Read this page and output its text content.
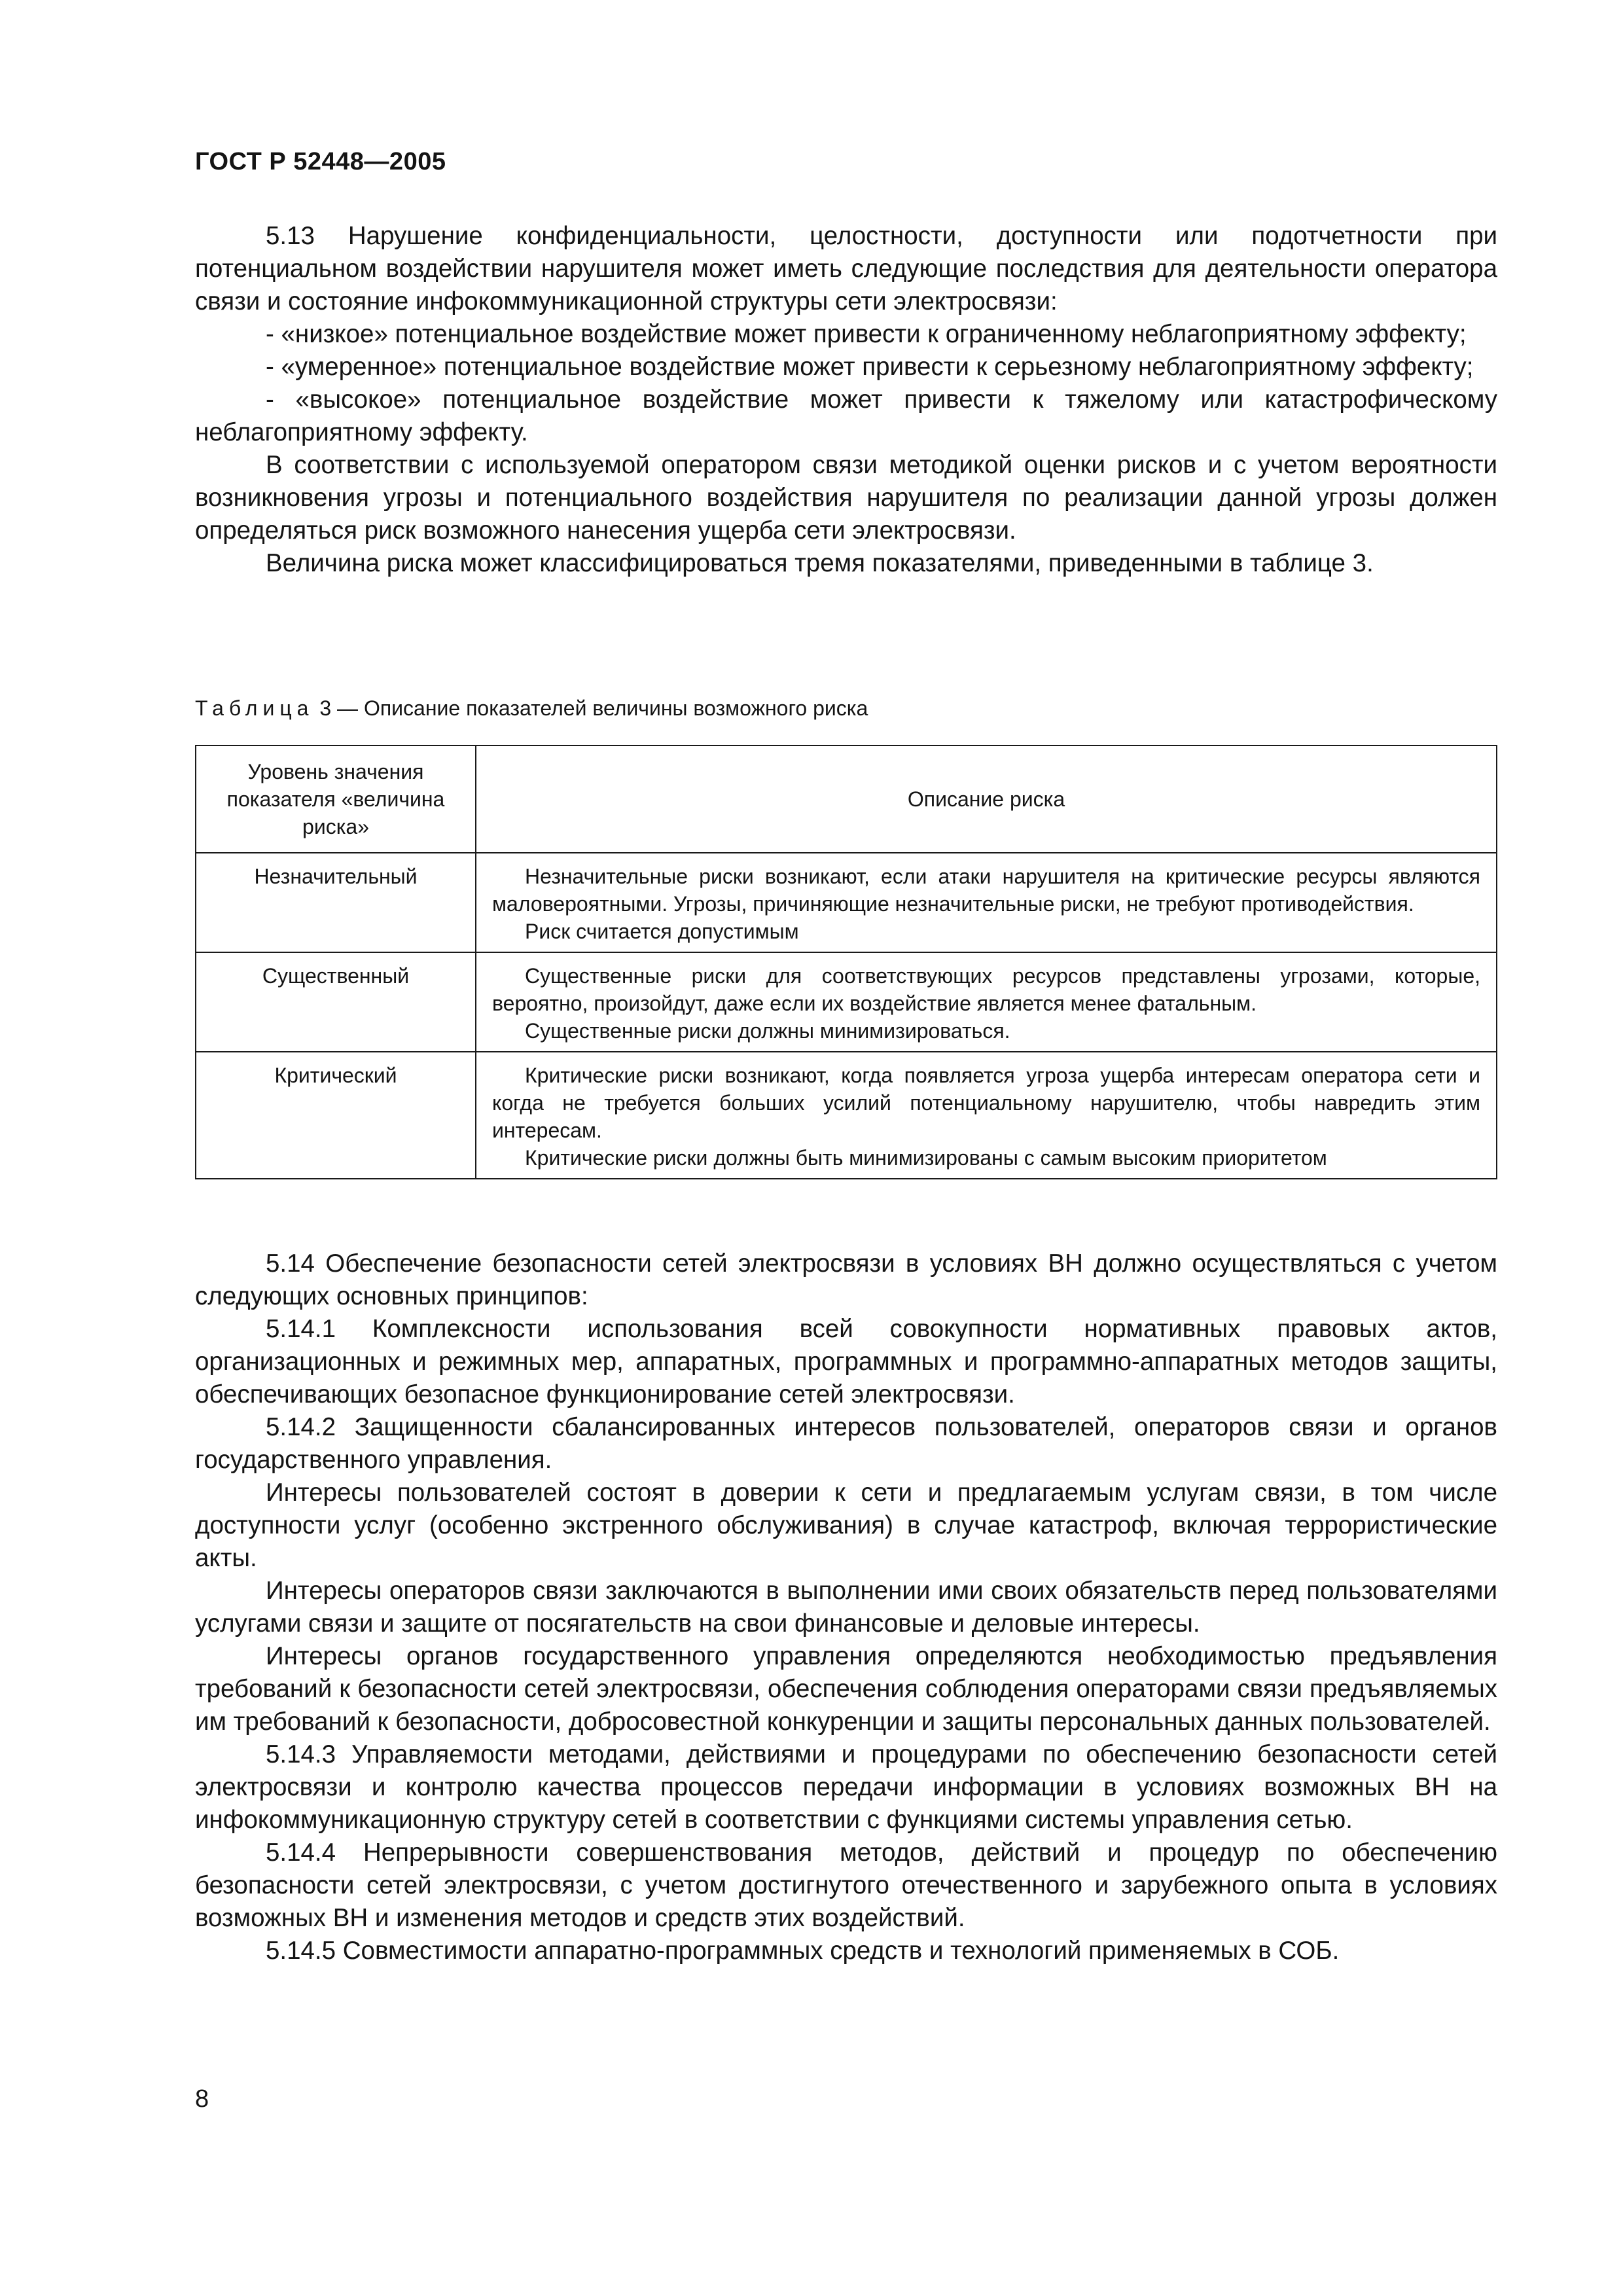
ГОСТ Р 52448—2005

5.13 Нарушение конфиденциальности, целостности, доступности или подотчетности при потенциальном воздействии нарушителя может иметь следующие последствия для деятельности оператора связи и состояние инфокоммуникационной структуры сети электросвязи:

- «низкое» потенциальное воздействие может привести к ограниченному неблагоприятному эффекту;

- «умеренное» потенциальное воздействие может привести к серьезному неблагоприятному эффекту;

- «высокое» потенциальное воздействие может привести к тяжелому или катастрофическому неблагоприятному эффекту.

В соответствии с используемой оператором связи методикой оценки рисков и с учетом вероятности возникновения угрозы и потенциального воздействия нарушителя по реализации данной угрозы должен определяться риск возможного нанесения ущерба сети электросвязи.

Величина риска может классифицироваться тремя показателями, приведенными в таблице 3.

Таблица 3 — Описание показателей величины возможного риска
Уровень значения показателя «величина риска»	Описание риска
Незначительный	Незначительные риски возникают, если атаки нарушителя на критические ресурсы являются маловероятными. Угрозы, причиняющие незначительные риски, не требуют противодействия.

Риск считается допустимым

Существенный	Существенные риски для соответствующих ресурсов представлены угрозами, которые, вероятно, произойдут, даже если их воздействие является менее фатальным.

Существенные риски должны минимизироваться.

Критический	Критические риски возникают, когда появляется угроза ущерба интересам оператора сети и когда не требуется больших усилий потенциальному нарушителю, чтобы навредить этим интересам.

Критические риски должны быть минимизированы с самым высоким приоритетом

5.14 Обеспечение безопасности сетей электросвязи в условиях ВН должно осуществляться с учетом следующих основных принципов:

5.14.1 Комплексности использования всей совокупности нормативных правовых актов, организационных и режимных мер, аппаратных, программных и программно-аппаратных методов защиты, обеспечивающих безопасное функционирование сетей электросвязи.

5.14.2 Защищенности сбалансированных интересов пользователей, операторов связи и органов государственного управления.

Интересы пользователей состоят в доверии к сети и предлагаемым услугам связи, в том числе доступности услуг (особенно экстренного обслуживания) в случае катастроф, включая террористические акты.

Интересы операторов связи заключаются в выполнении ими своих обязательств перед пользователями услугами связи и защите от посягательств на свои финансовые и деловые интересы.

Интересы органов государственного управления определяются необходимостью предъявления требований к безопасности сетей электросвязи, обеспечения соблюдения операторами связи предъявляемых им требований к безопасности, добросовестной конкуренции и защиты персональных данных пользователей.

5.14.3 Управляемости методами, действиями и процедурами по обеспечению безопасности сетей электросвязи и контролю качества процессов передачи информации в условиях возможных ВН на инфокоммуникационную структуру сетей в соответствии с функциями системы управления сетью.

5.14.4 Непрерывности совершенствования методов, действий и процедур по обеспечению безопасности сетей электросвязи, с учетом достигнутого отечественного и зарубежного опыта в условиях возможных ВН и изменения методов и средств этих воздействий.

5.14.5 Совместимости аппаратно-программных средств и технологий применяемых в СОБ.

8
